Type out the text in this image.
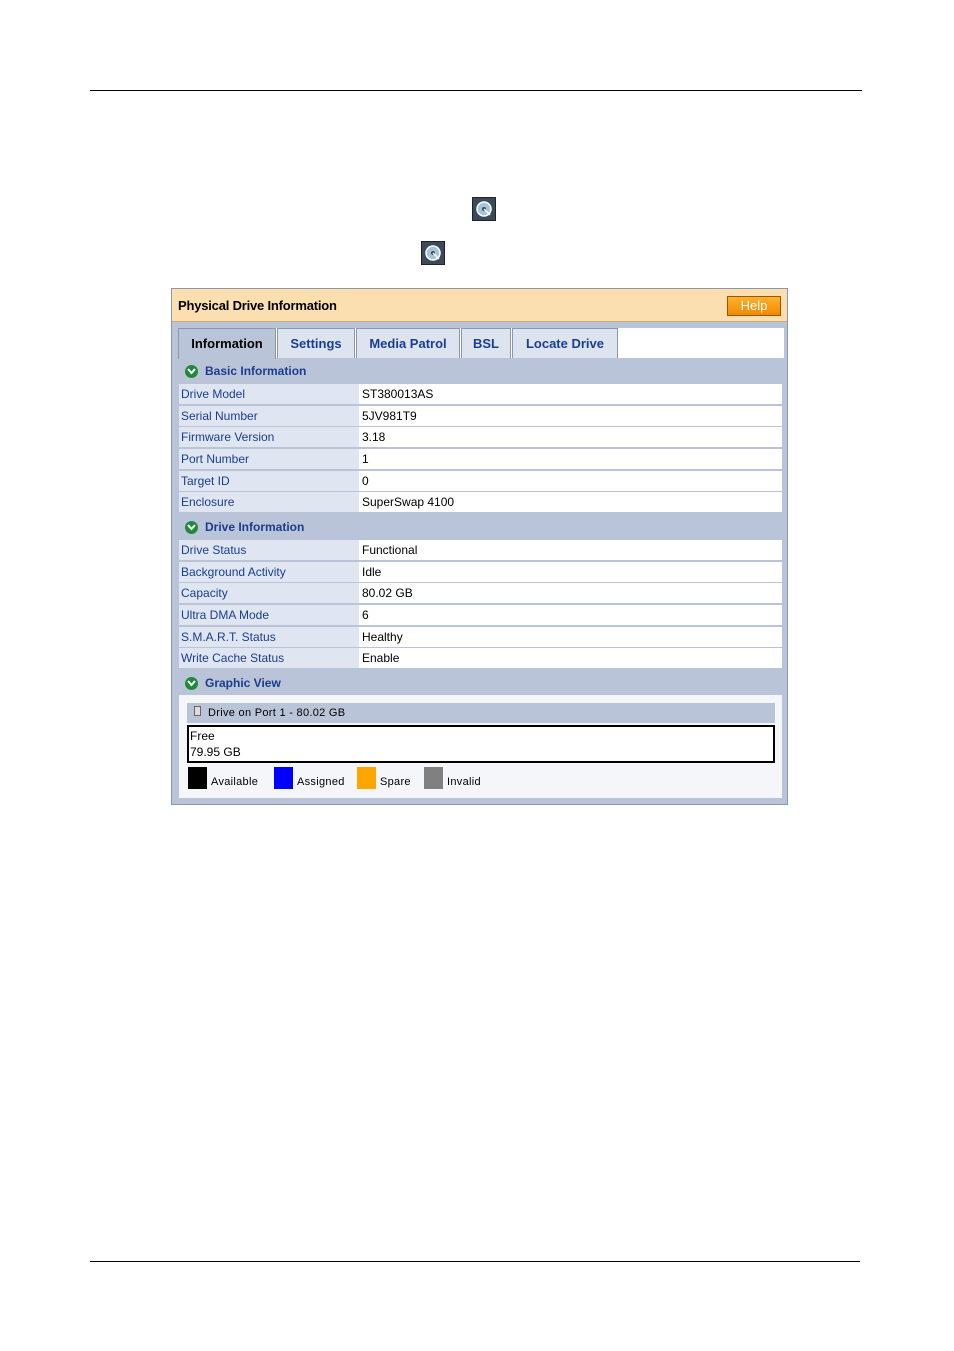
Physical Drive Information	Help
Information	Settings	Media Patrol	BSL	Locate Drive
Basic Information
Drive Model	ST380013AS
Serial Number	5JV981T9
Firmware Version	3.18
Port Number	1
Target ID	0
Enclosure	SuperSwap 4100
Drive Information
Drive Status	Functional
Background Activity	Idle
Capacity	80.02 GB
Ultra DMA Mode	6
S.M.A.R.T. Status	Healthy
Write Cache Status	Enable
Graphic View
Drive on Port 1 - 80.02 GB
Free
79.95 GB
Available	Assigned	Spare	Invalid
